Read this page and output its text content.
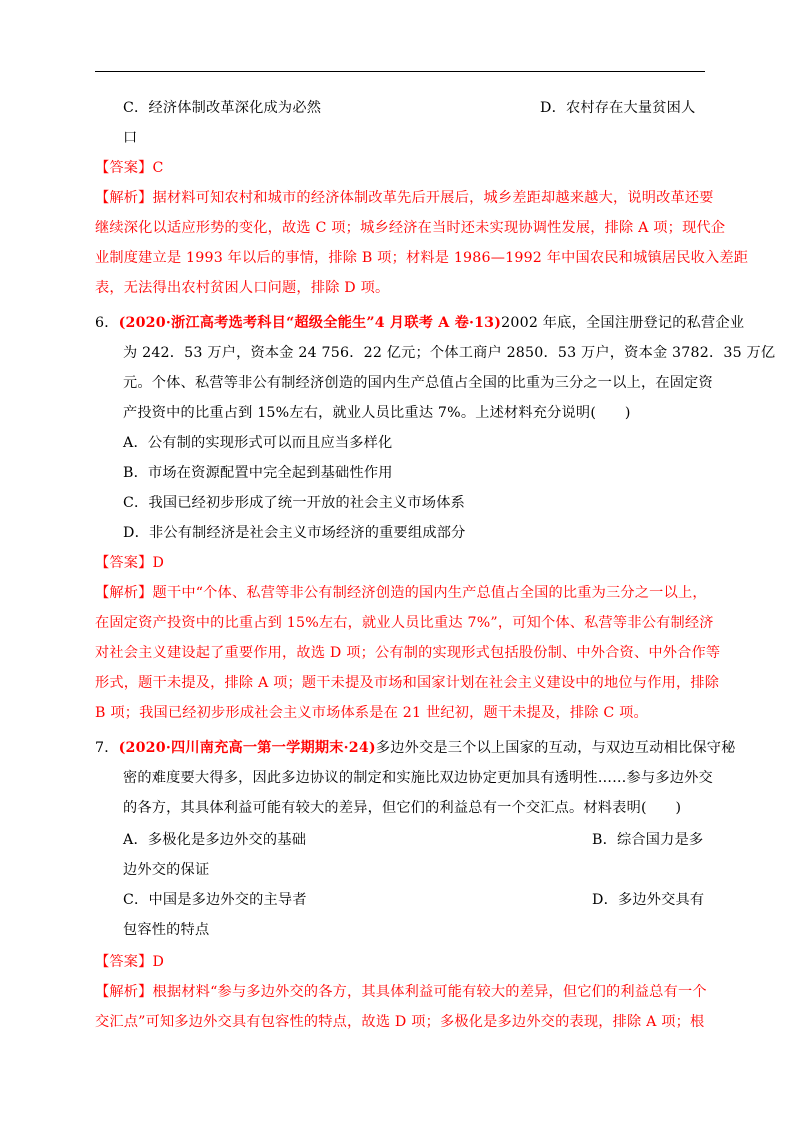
C．经济体制改革深化成为必然	D．农村存在大量贫困人
口
【答案】C
【解析】据材料可知农村和城市的经济体制改革先后开展后，城乡差距却越来越大，说明改革还要
继续深化以适应形势的变化，故选 C 项；城乡经济在当时还未实现协调性发展，排除 A 项；现代企
业制度建立是 1993 年以后的事情，排除 B 项；材料是 1986—1992 年中国农民和城镇居民收入差距
表，无法得出农村贫困人口问题，排除 D 项。
6．(2020·浙江高考选考科目“超级全能生”4 月联考 A 卷·13)2002 年底，全国注册登记的私营企业
为 242．53 万户，资本金 24 756．22 亿元；个体工商户 2850．53 万户，资本金 3782．35 万亿
元。个体、私营等非公有制经济创造的国内生产总值占全国的比重为三分之一以上，在固定资
产投资中的比重占到 15%左右，就业人员比重达 7%。上述材料充分说明(　　)
A．公有制的实现形式可以而且应当多样化
B．市场在资源配置中完全起到基础性作用
C．我国已经初步形成了统一开放的社会主义市场体系
D．非公有制经济是社会主义市场经济的重要组成部分
【答案】D
【解析】题干中“个体、私营等非公有制经济创造的国内生产总值占全国的比重为三分之一以上，
在固定资产投资中的比重占到 15%左右，就业人员比重达 7%”，可知个体、私营等非公有制经济
对社会主义建设起了重要作用，故选 D 项；公有制的实现形式包括股份制、中外合资、中外合作等
形式，题干未提及，排除 A 项；题干未提及市场和国家计划在社会主义建设中的地位与作用，排除
B 项；我国已经初步形成社会主义市场体系是在 21 世纪初，题干未提及，排除 C 项。
7．(2020·四川南充高一第一学期期末·24)多边外交是三个以上国家的互动，与双边互动相比保守秘
密的难度要大得多，因此多边协议的制定和实施比双边协定更加具有透明性……参与多边外交
的各方，其具体利益可能有较大的差异，但它们的利益总有一个交汇点。材料表明(　　)
A．多极化是多边外交的基础	B．综合国力是多
边外交的保证
C．中国是多边外交的主导者	D．多边外交具有
包容性的特点
【答案】D
【解析】根据材料“参与多边外交的各方，其具体利益可能有较大的差异，但它们的利益总有一个
交汇点”可知多边外交具有包容性的特点，故选 D 项；多极化是多边外交的表现，排除 A 项；根
